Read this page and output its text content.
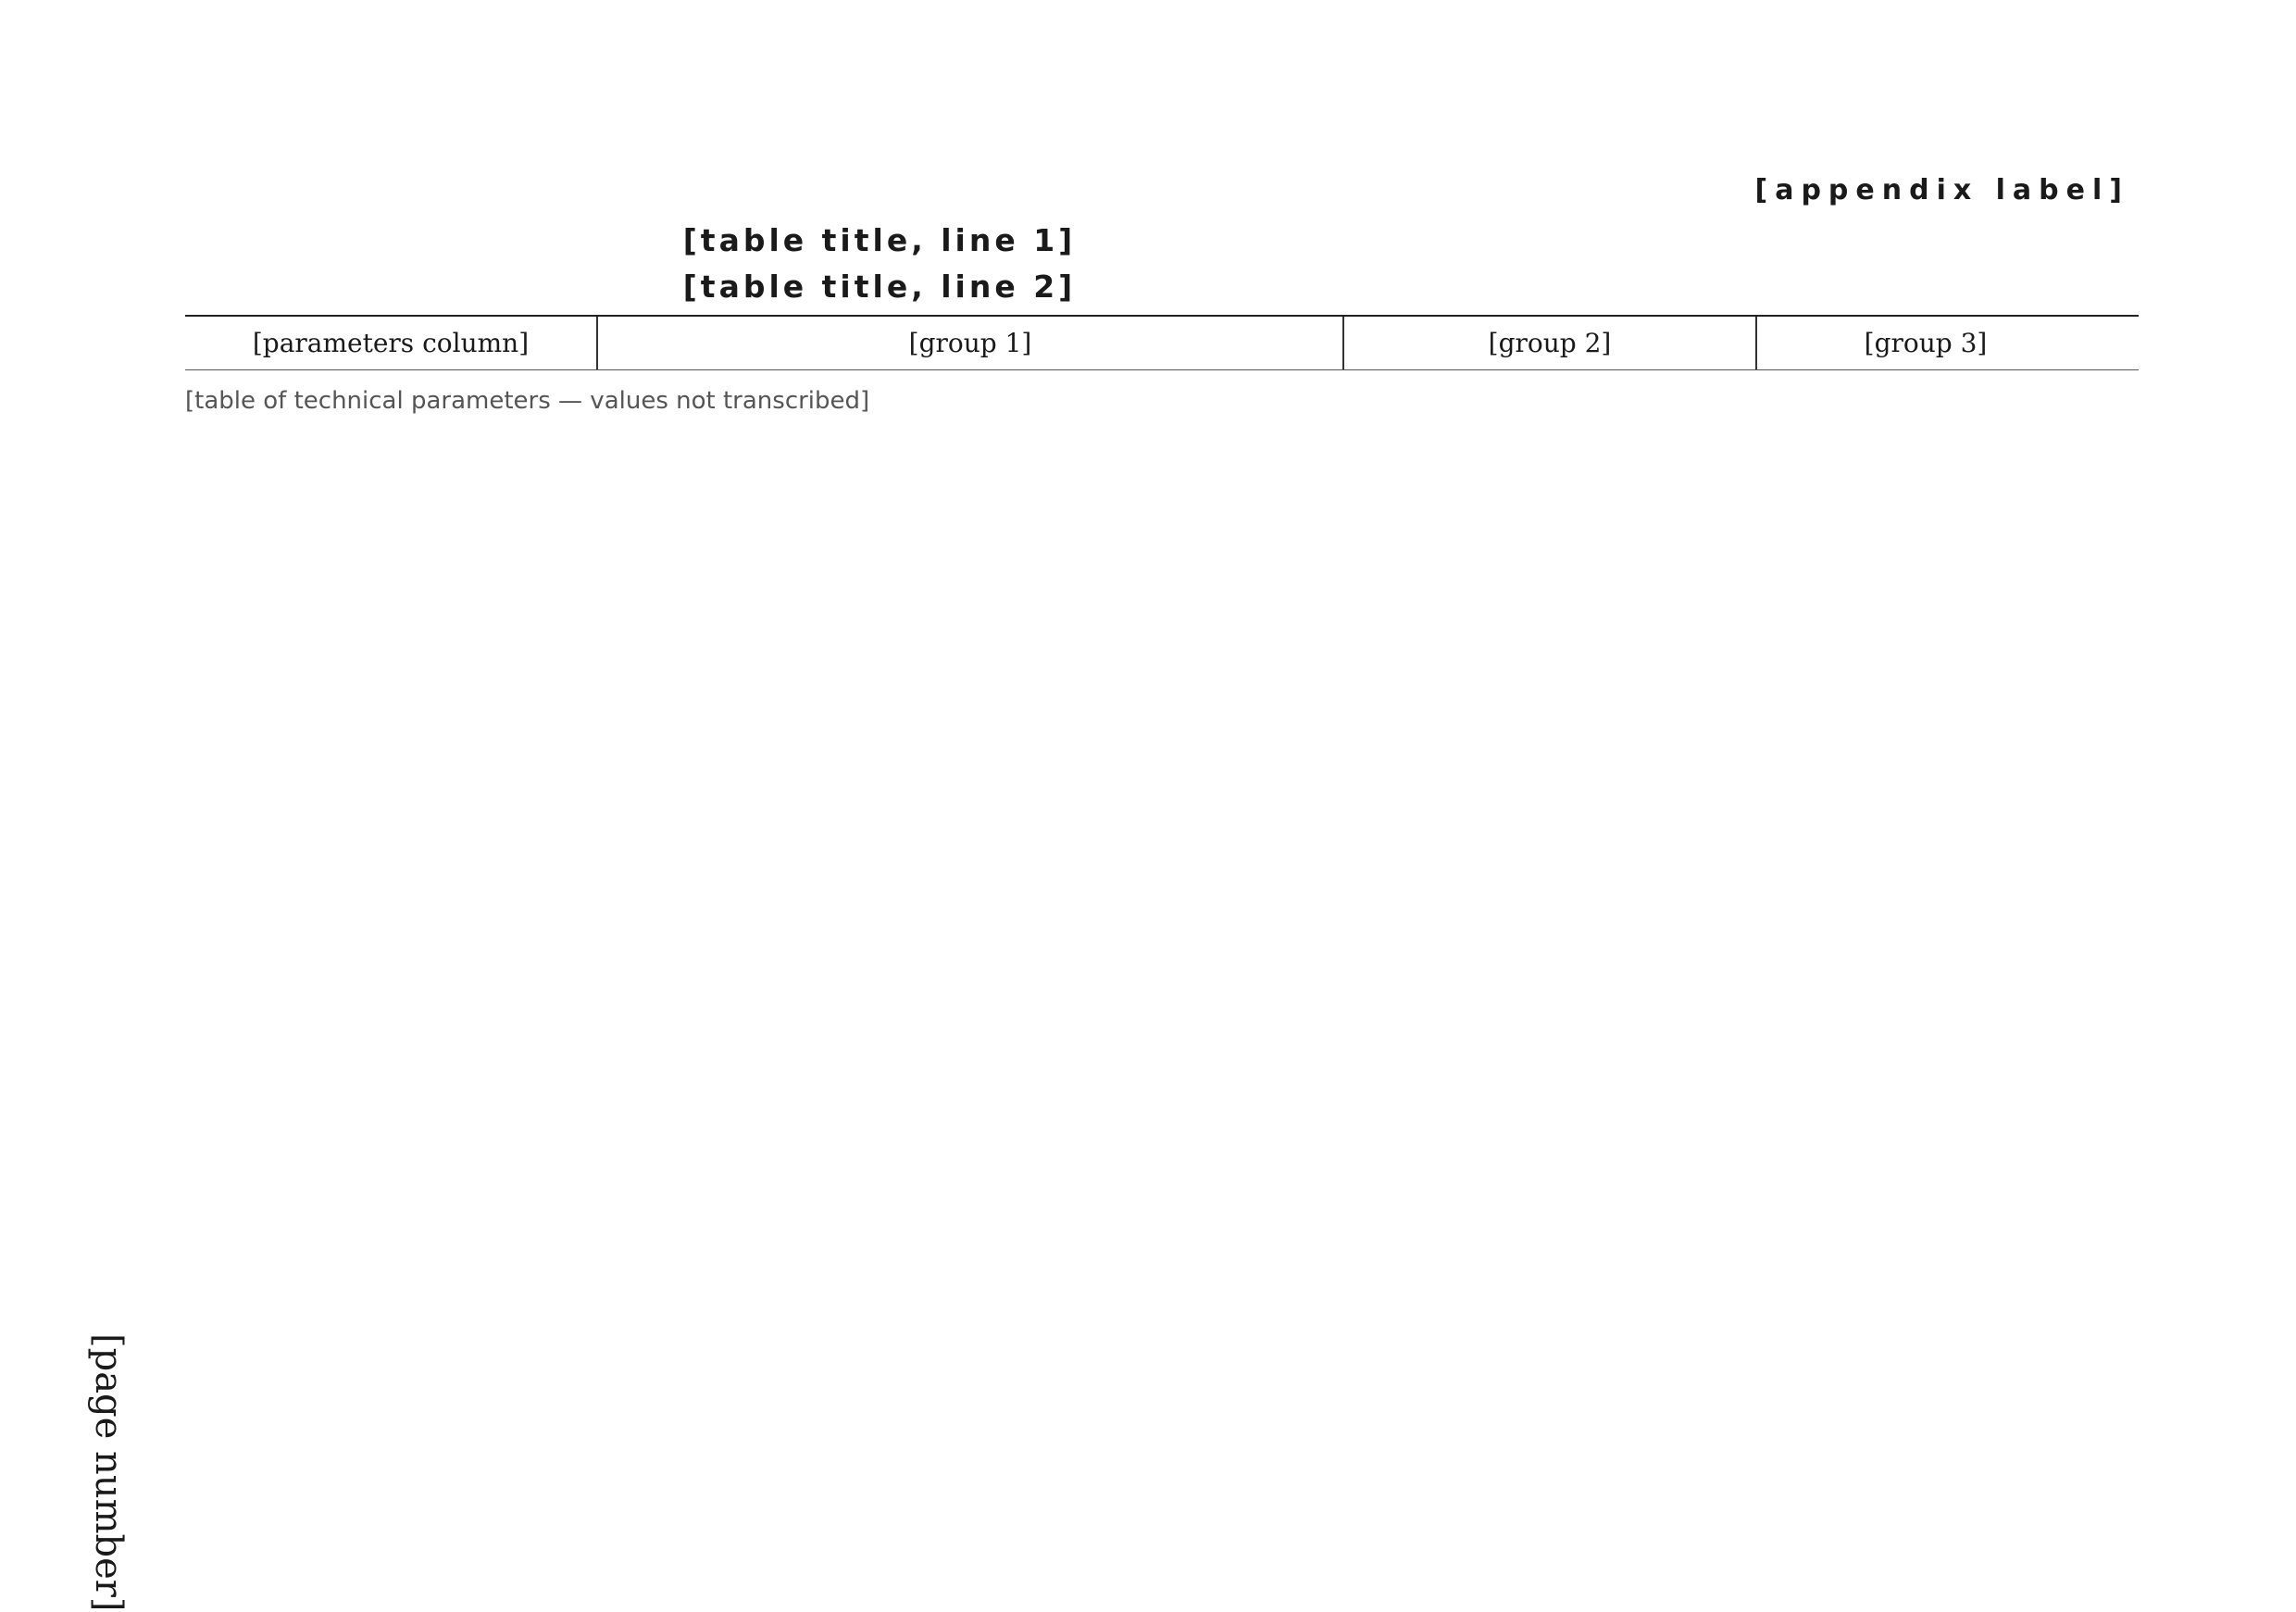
[appendix label]
[table title, line 1]
[table title, line 2]
[parameters column]	[group 1]	[group 2]	[group 3]
[table of technical parameters — values not transcribed]
[page number]
